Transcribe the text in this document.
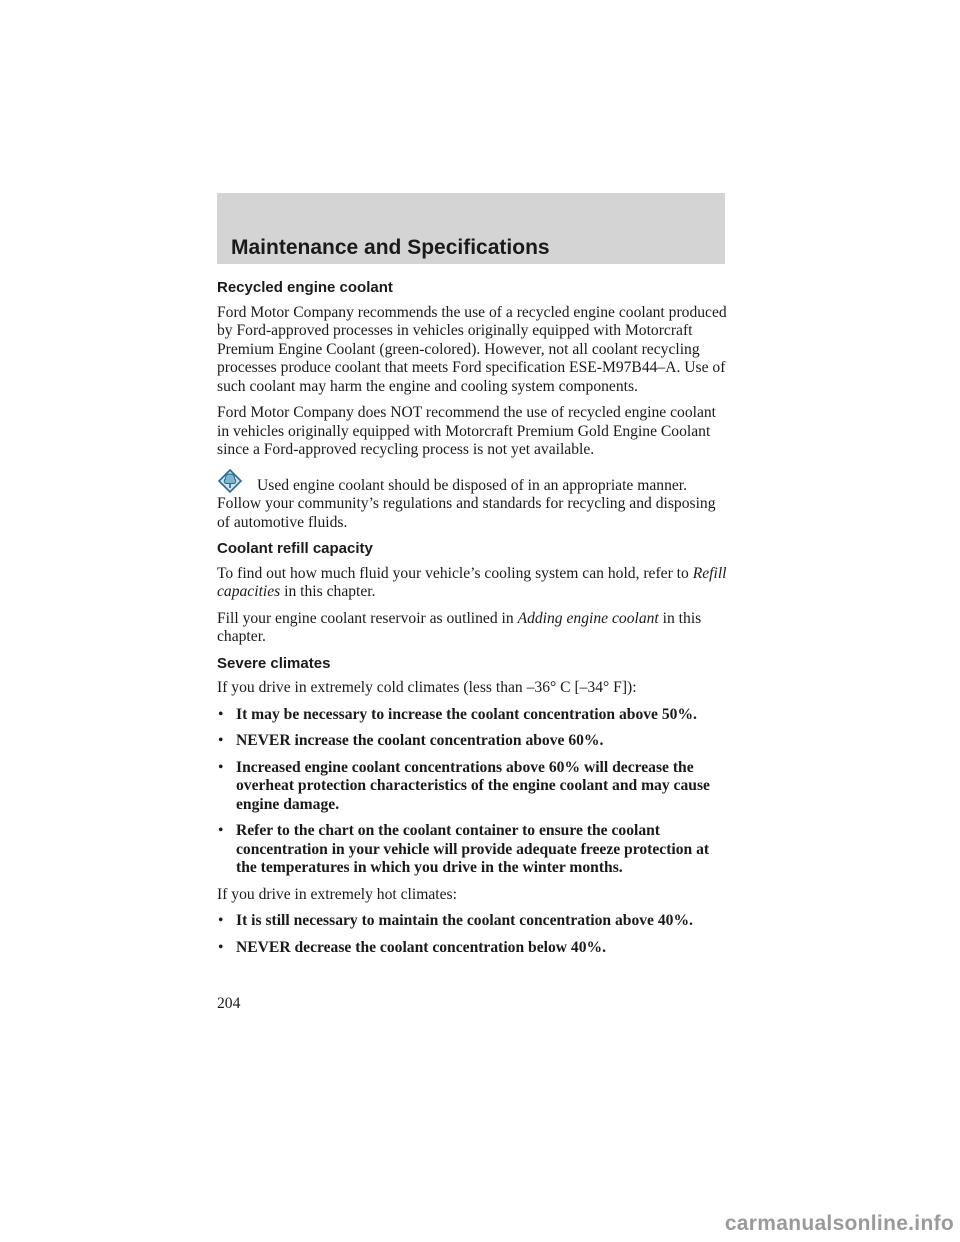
Maintenance and Specifications
Recycled engine coolant

Ford Motor Company recommends the use of a recycled engine coolant produced by Ford-approved processes in vehicles originally equipped with Motorcraft Premium Engine Coolant (green-colored). However, not all coolant recycling processes produce coolant that meets Ford specification ESE-M97B44–A. Use of such coolant may harm the engine and cooling system components.

Ford Motor Company does NOT recommend the use of recycled engine coolant in vehicles originally equipped with Motorcraft Premium Gold Engine Coolant since a Ford-approved recycling process is not yet available.

Used engine coolant should be disposed of in an appropriate manner. Follow your community’s regulations and standards for recycling and disposing of automotive fluids.

Coolant refill capacity

To find out how much fluid your vehicle’s cooling system can hold, refer to Refill capacities in this chapter.

Fill your engine coolant reservoir as outlined in Adding engine coolant in this chapter.

Severe climates

If you drive in extremely cold climates (less than –36° C [–34° F]):

• It may be necessary to increase the coolant concentration above 50%.
• NEVER increase the coolant concentration above 60%.
• Increased engine coolant concentrations above 60% will decrease the overheat protection characteristics of the engine coolant and may cause engine damage.
• Refer to the chart on the coolant container to ensure the coolant concentration in your vehicle will provide adequate freeze protection at the temperatures in which you drive in the winter months.

If you drive in extremely hot climates:

• It is still necessary to maintain the coolant concentration above 40%.
• NEVER decrease the coolant concentration below 40%.
204
carmanualsonline.info
